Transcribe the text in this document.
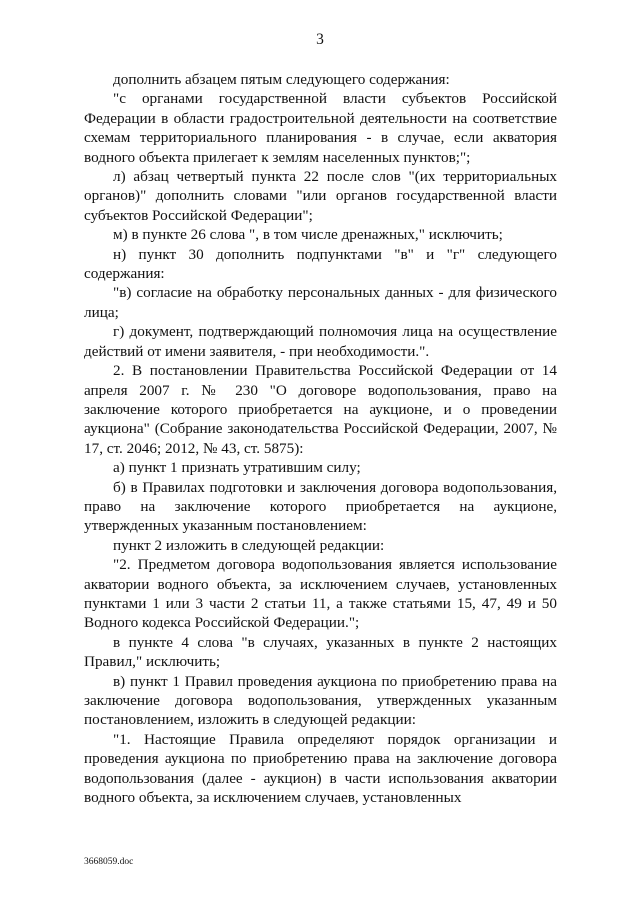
3

дополнить абзацем пятым следующего содержания:

"с органами государственной власти субъектов Российской Федерации в области градостроительной деятельности на соответствие схемам территориального планирования - в случае, если акватория водного объекта прилегает к землям населенных пунктов;";

л) абзац четвертый пункта 22 после слов "(их территориальных органов)" дополнить словами "или органов государственной власти субъектов Российской Федерации";

м) в пункте 26 слова ", в том числе дренажных," исключить;

н) пункт 30 дополнить подпунктами "в" и "г" следующего содержания:

"в) согласие на обработку персональных данных - для физического лица;

г) документ, подтверждающий полномочия лица на осуществление действий от имени заявителя, - при необходимости.".

2. В постановлении Правительства Российской Федерации от 14 апреля 2007 г. № 230 "О договоре водопользования, право на заключение которого приобретается на аукционе, и о проведении аукциона" (Собрание законодательства Российской Федерации, 2007, № 17, ст. 2046; 2012, № 43, ст. 5875):

а) пункт 1 признать утратившим силу;

б) в Правилах подготовки и заключения договора водопользования, право на заключение которого приобретается на аукционе, утвержденных указанным постановлением:

пункт 2 изложить в следующей редакции:

"2. Предметом договора водопользования является использование акватории водного объекта, за исключением случаев, установленных пунктами 1 или 3 части 2 статьи 11, а также статьями 15, 47, 49 и 50 Водного кодекса Российской Федерации.";

в пункте 4 слова "в случаях, указанных в пункте 2 настоящих Правил," исключить;

в) пункт 1 Правил проведения аукциона по приобретению права на заключение договора водопользования, утвержденных указанным постановлением, изложить в следующей редакции:

"1. Настоящие Правила определяют порядок организации и проведения аукциона по приобретению права на заключение договора водопользования (далее - аукцион) в части использования акватории водного объекта, за исключением случаев, установленных

3668059.doc
